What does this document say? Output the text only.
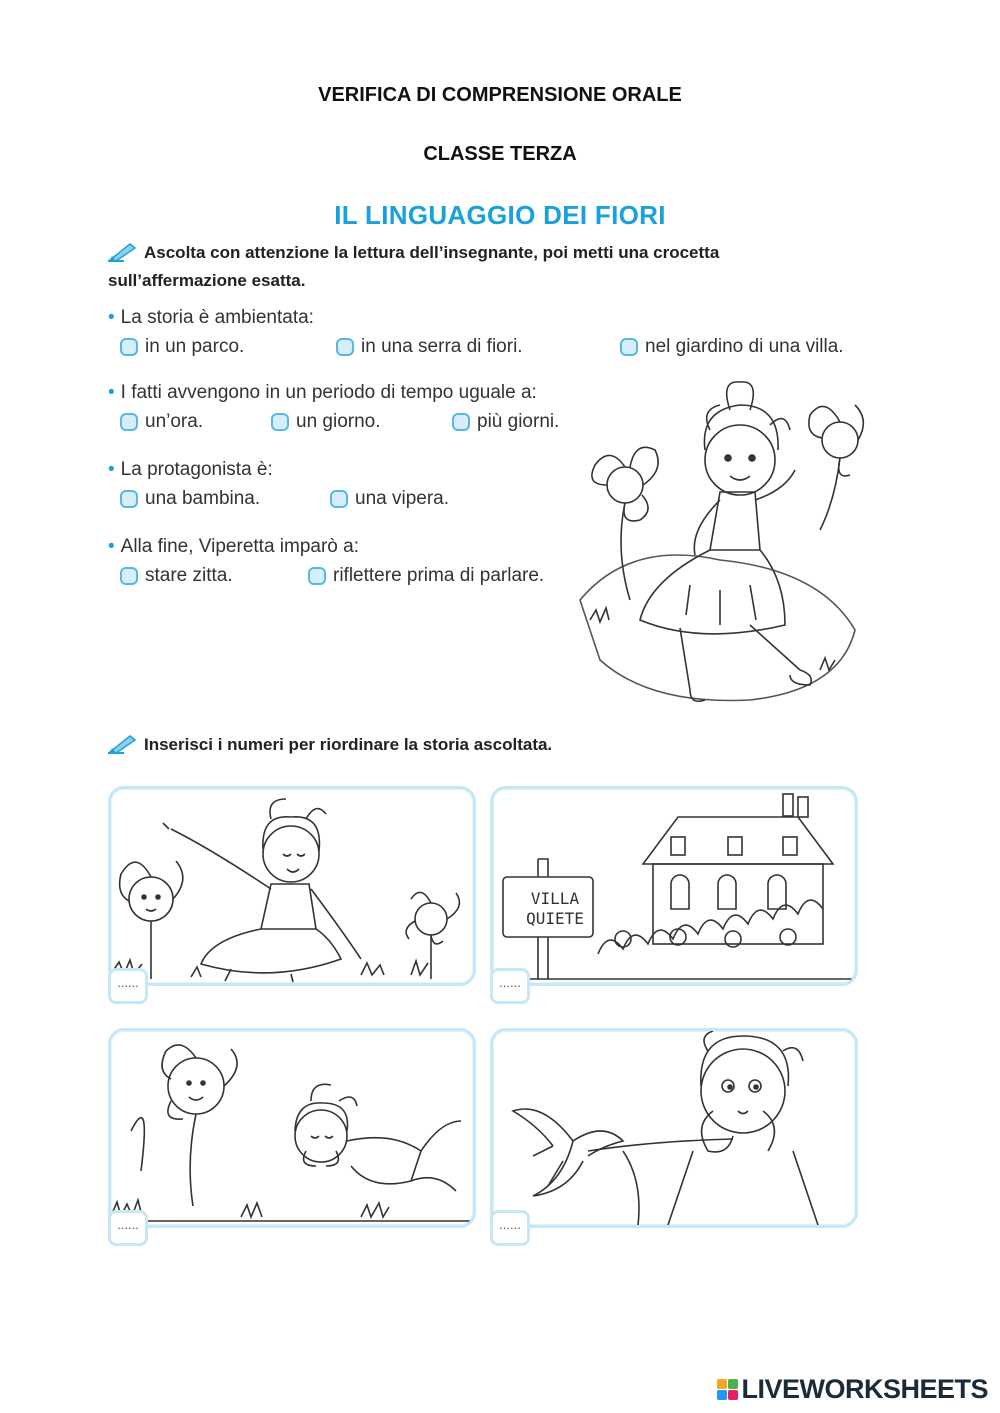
VERIFICA DI COMPRENSIONE ORALE
CLASSE TERZA
IL LINGUAGGIO DEI FIORI
Ascolta con attenzione la lettura dell’insegnante, poi metti una crocetta
sull’affermazione esatta.
• La storia è ambientata:
in un parco.	in una serra di fiori.	nel giardino di una villa.
• I fatti avvengono in un periodo di tempo uguale a:
un’ora.	un giorno.	più giorni.
• La protagonista è:
una bambina.	una vipera.
• Alla fine, Viperetta imparò a:
stare zitta.	riflettere prima di parlare.
Inserisci i numeri per riordinare la storia ascoltata.
......
VILLA
QUIETE
......
......	......
LIVEWORKSHEETS
